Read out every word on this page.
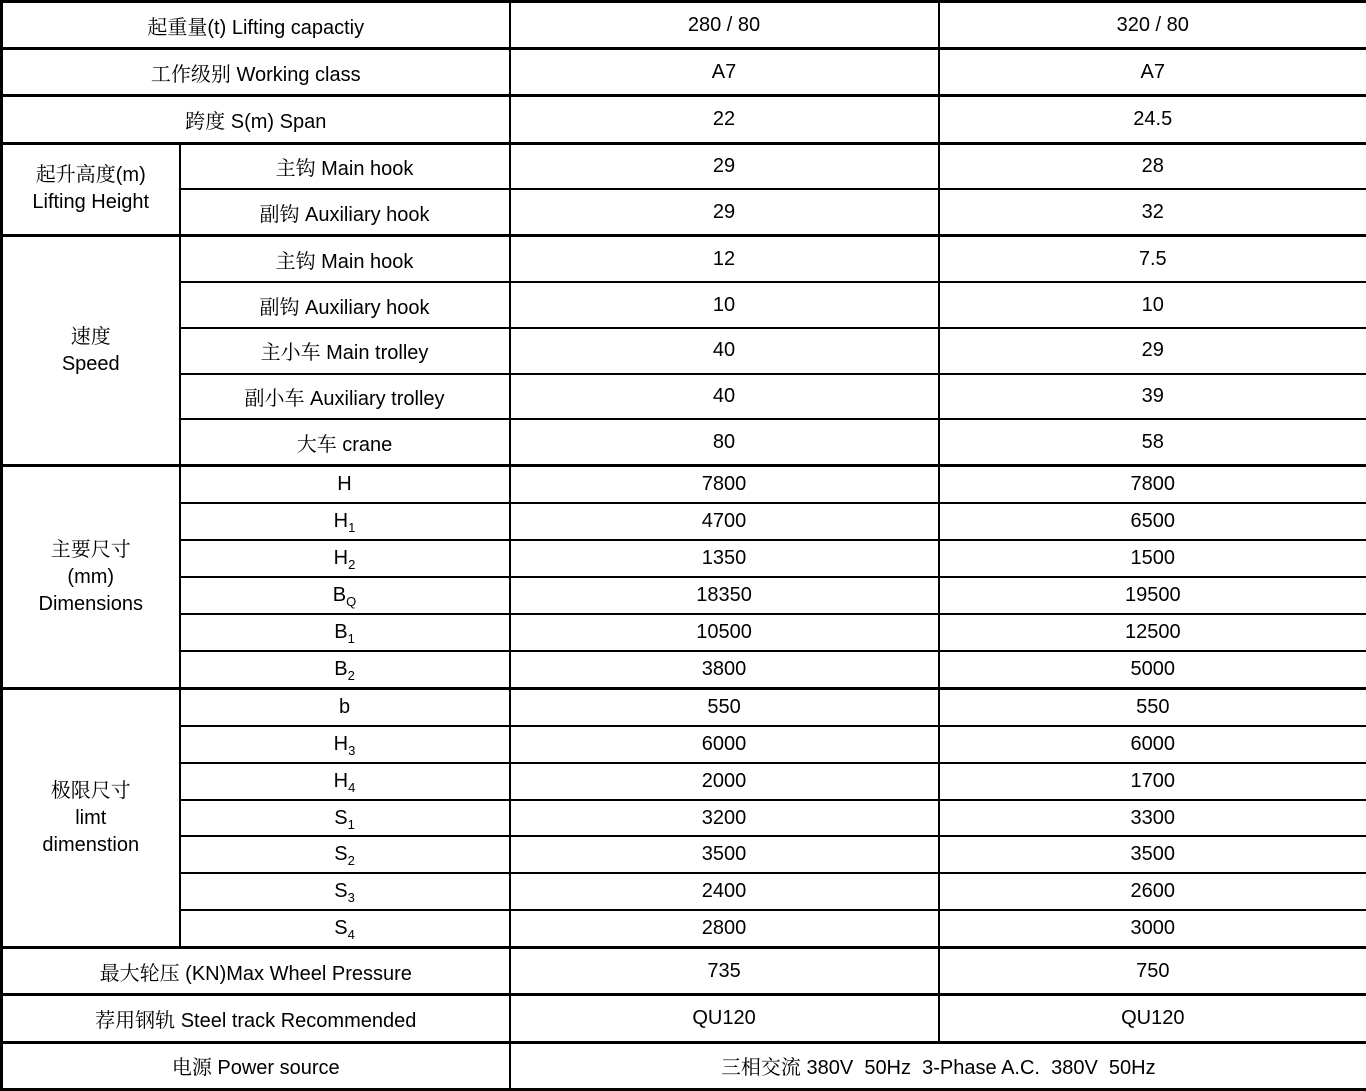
起重量(t) Lifting capactiy		280 / 80	320 / 80
工作级别 Working class		A7	A7
跨度 S(m) Span		22	24.5

起升高度(m)
Lifting Height	主钩 Main hook	29	28
	副钩 Auxiliary hook	29	32

速度
Speed	主钩 Main hook	12	7.5
	副钩 Auxiliary hook	10	10
	主小车 Main trolley	40	29
	副小车 Auxiliary trolley	40	39
	大车 crane	80	58

主要尺寸
(mm)
Dimensions	H	7800	7800
	$H_1$	4700	6500
	$H_2$	1350	1500
	$B_Q$	18350	19500
	$B_1$	10500	12500
	$B_2$	3800	5000

极限尺寸
limt
dimenstion	b	550	550
	$H_3$	6000	6000
	$H_4$	2000	1700
	$S_1$	3200	3300
	$S_2$	3500	3500
	$S_3$	2400	2600
	$S_4$	2800	3000
最大轮压 (KN)Max Wheel Pressure		735	750
荐用钢轨 Steel track Recommended		QU120	QU120
电源 Power source		三相交流 380V  50Hz  3-Phase A.C.  380V  50Hz	
